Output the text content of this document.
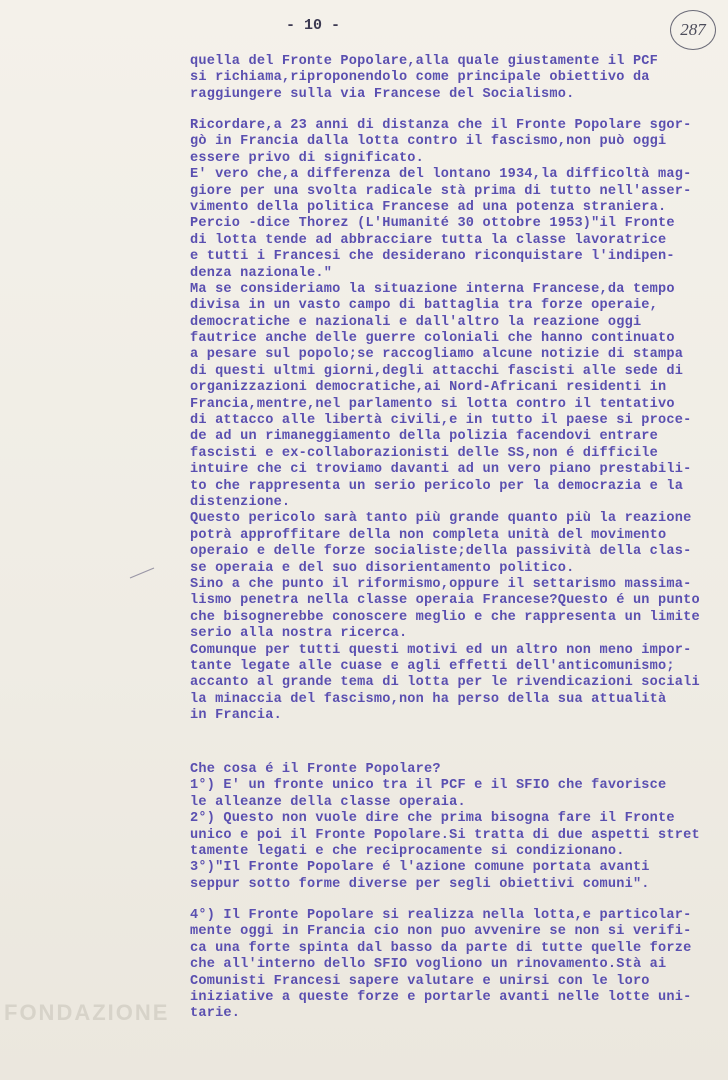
- 10 -	287
quella del Fronte Popolare,alla quale giustamente il PCF
si richiama,riproponendolo come principale obiettivo da
raggiungere sulla via Francese del Socialismo.
Ricordare,a 23 anni di distanza che il Fronte Popolare sgor-
gò in Francia dalla lotta contro il fascismo,non può oggi
essere privo di significato.
E' vero che,a differenza del lontano 1934,la difficoltà mag-
giore per una svolta radicale stà prima di tutto nell'asser-
vimento della politica Francese ad una potenza straniera.
Percio -dice Thorez (L'Humanité 30 ottobre 1953)"il Fronte
di lotta tende ad abbracciare tutta la classe lavoratrice
e tutti i Francesi che desiderano riconquistare l'indipen-
denza nazionale."
Ma se consideriamo la situazione interna Francese,da tempo
divisa in un vasto campo di battaglia tra forze operaie,
democratiche e nazionali e dall'altro la reazione oggi
fautrice anche delle guerre coloniali che hanno continuato
a pesare sul popolo;se raccogliamo alcune notizie di stampa
di questi ultmi giorni,degli attacchi fascisti alle sede di
organizzazioni democratiche,ai Nord-Africani residenti in
Francia,mentre,nel parlamento si lotta contro il tentativo
di attacco alle libertà civili,e in tutto il paese si proce-
de ad un rimaneggiamento della polizia facendovi entrare
fascisti e ex-collaborazionisti delle SS,non é difficile
intuire che ci troviamo davanti ad un vero piano prestabili-
to che rappresenta un serio pericolo per la democrazia e la
distenzione.
Questo pericolo sarà tanto più grande quanto più la reazione
potrà approffitare della non completa unità del movimento
operaio e delle forze socialiste;della passività della clas-
se operaia e del suo disorientamento politico.
Sino a che punto il riformismo,oppure il settarismo massima-
lismo penetra nella classe operaia Francese?Questo é un punto
che bisognerebbe conoscere meglio e che rappresenta un limite
serio alla nostra ricerca.
Comunque per tutti questi motivi ed un altro non meno impor-
tante legate alle cuase e agli effetti dell'anticomunismo;
accanto al grande tema di lotta per le rivendicazioni sociali
la minaccia del fascismo,non ha perso della sua attualità
in Francia.
Che cosa é il Fronte Popolare?
1°) E' un fronte unico tra il PCF e il SFIO che favorisce
le alleanze della classe operaia.
2°) Questo non vuole dire che prima bisogna fare il Fronte
unico e poi il Fronte Popolare.Si tratta di due aspetti stret
tamente legati e che reciprocamente si condizionano.
3°)"Il Fronte Popolare é l'azione comune portata avanti
seppur sotto forme diverse per segli obiettivi comuni".
4°) Il Fronte Popolare si realizza nella lotta,e particolar-
mente oggi in Francia cio non puo avvenire se non si verifi-
ca una forte spinta dal basso da parte di tutte quelle forze
che all'interno dello SFIO vogliono un rinovamento.Stà ai
Comunisti Francesi sapere valutare e unirsi con le loro
iniziative a queste forze e portarle avanti nelle lotte uni-
tarie.
FONDAZIONE
